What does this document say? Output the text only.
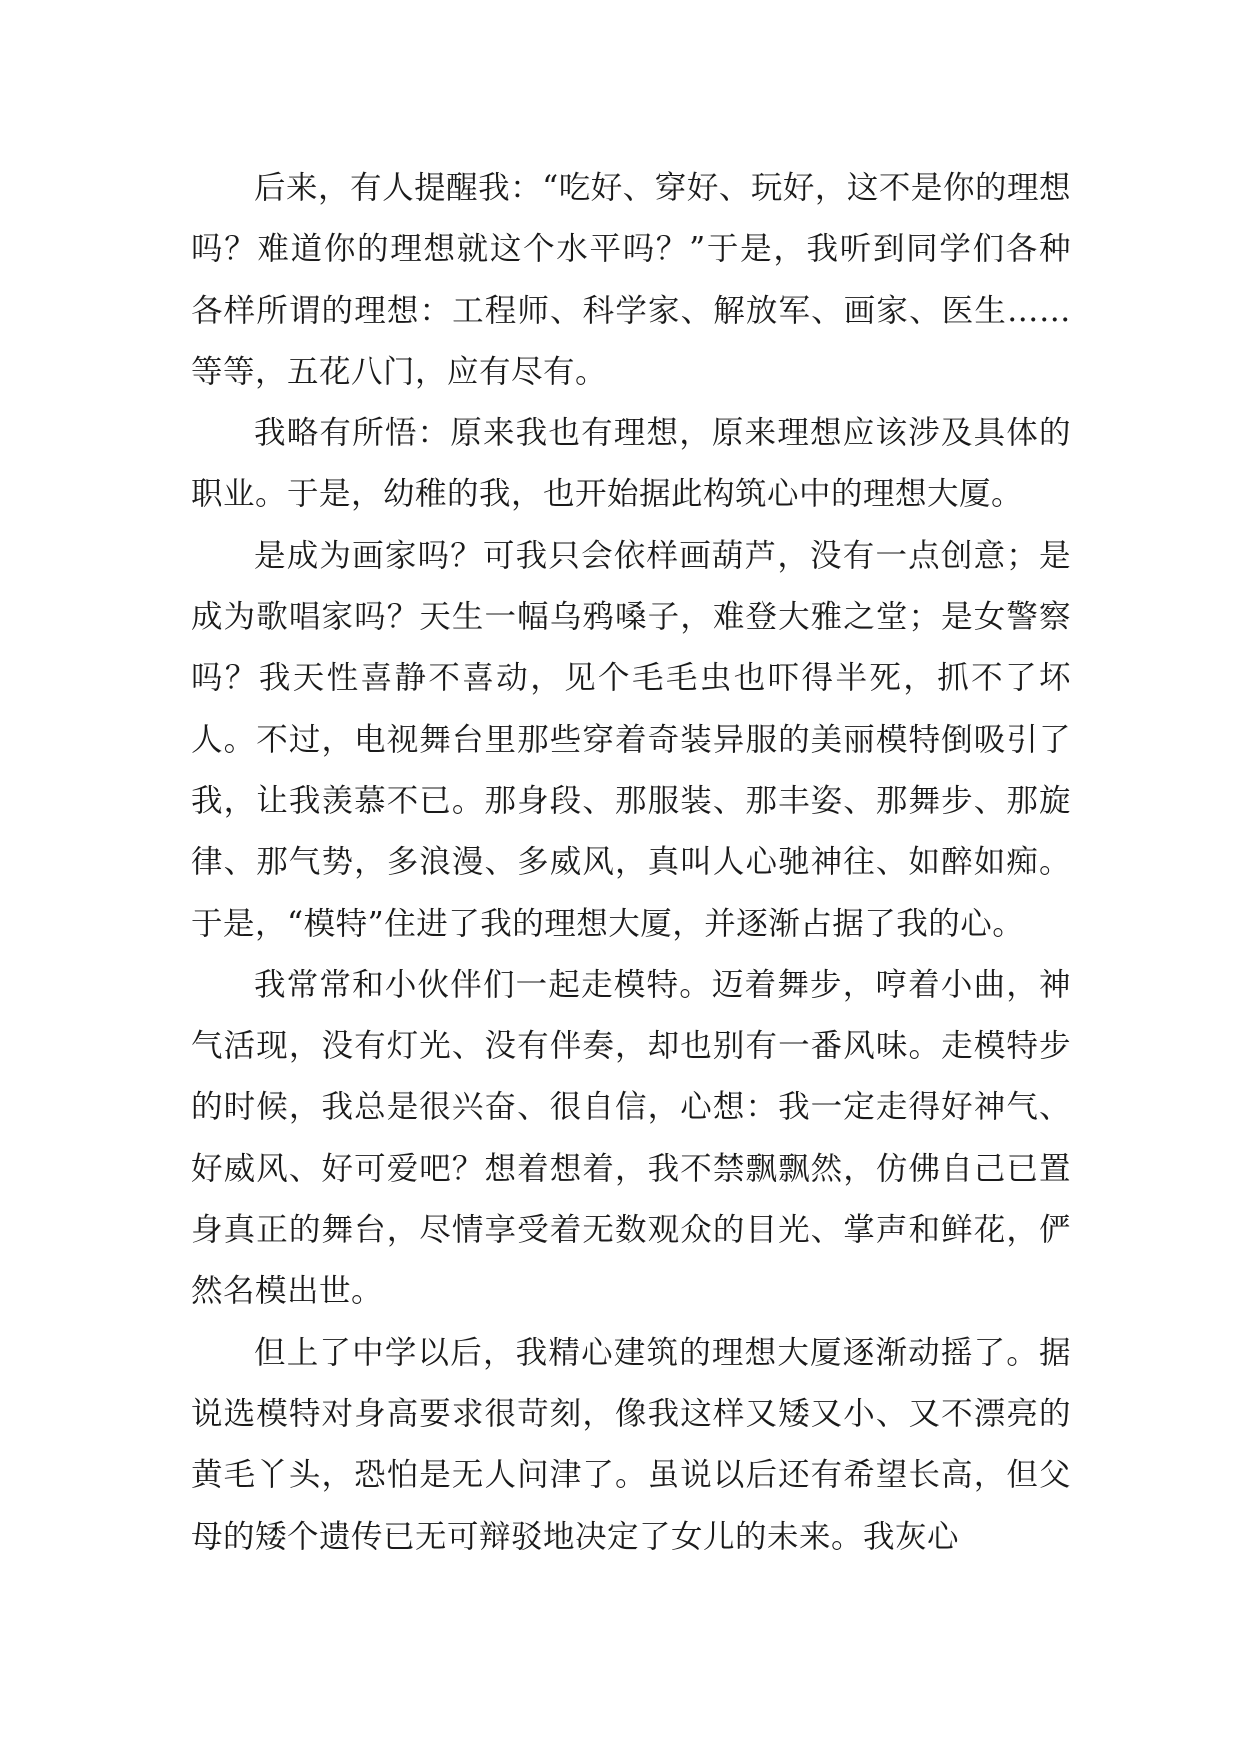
后来，有人提醒我：“吃好、穿好、玩好，这不是你的理想吗？难道你的理想就这个水平吗？”于是，我听到同学们各种各样所谓的理想：工程师、科学家、解放军、画家、医生……等等，五花八门，应有尽有。

我略有所悟：原来我也有理想，原来理想应该涉及具体的职业。于是，幼稚的我，也开始据此构筑心中的理想大厦。

是成为画家吗？可我只会依样画葫芦，没有一点创意；是成为歌唱家吗？天生一幅乌鸦嗓子，难登大雅之堂；是女警察吗？我天性喜静不喜动，见个毛毛虫也吓得半死，抓不了坏人。不过，电视舞台里那些穿着奇装异服的美丽模特倒吸引了我，让我羡慕不已。那身段、那服装、那丰姿、那舞步、那旋律、那气势，多浪漫、多威风，真叫人心驰神往、如醉如痴。于是，“模特”住进了我的理想大厦，并逐渐占据了我的心。

我常常和小伙伴们一起走模特。迈着舞步，哼着小曲，神气活现，没有灯光、没有伴奏，却也别有一番风味。走模特步的时候，我总是很兴奋、很自信，心想：我一定走得好神气、好威风、好可爱吧？想着想着，我不禁飘飘然，仿佛自己已置身真正的舞台，尽情享受着无数观众的目光、掌声和鲜花，俨然名模出世。

但上了中学以后，我精心建筑的理想大厦逐渐动摇了。据说选模特对身高要求很苛刻，像我这样又矮又小、又不漂亮的黄毛丫头，恐怕是无人问津了。虽说以后还有希望长高，但父母的矮个遗传已无可辩驳地决定了女儿的未来。我灰心
